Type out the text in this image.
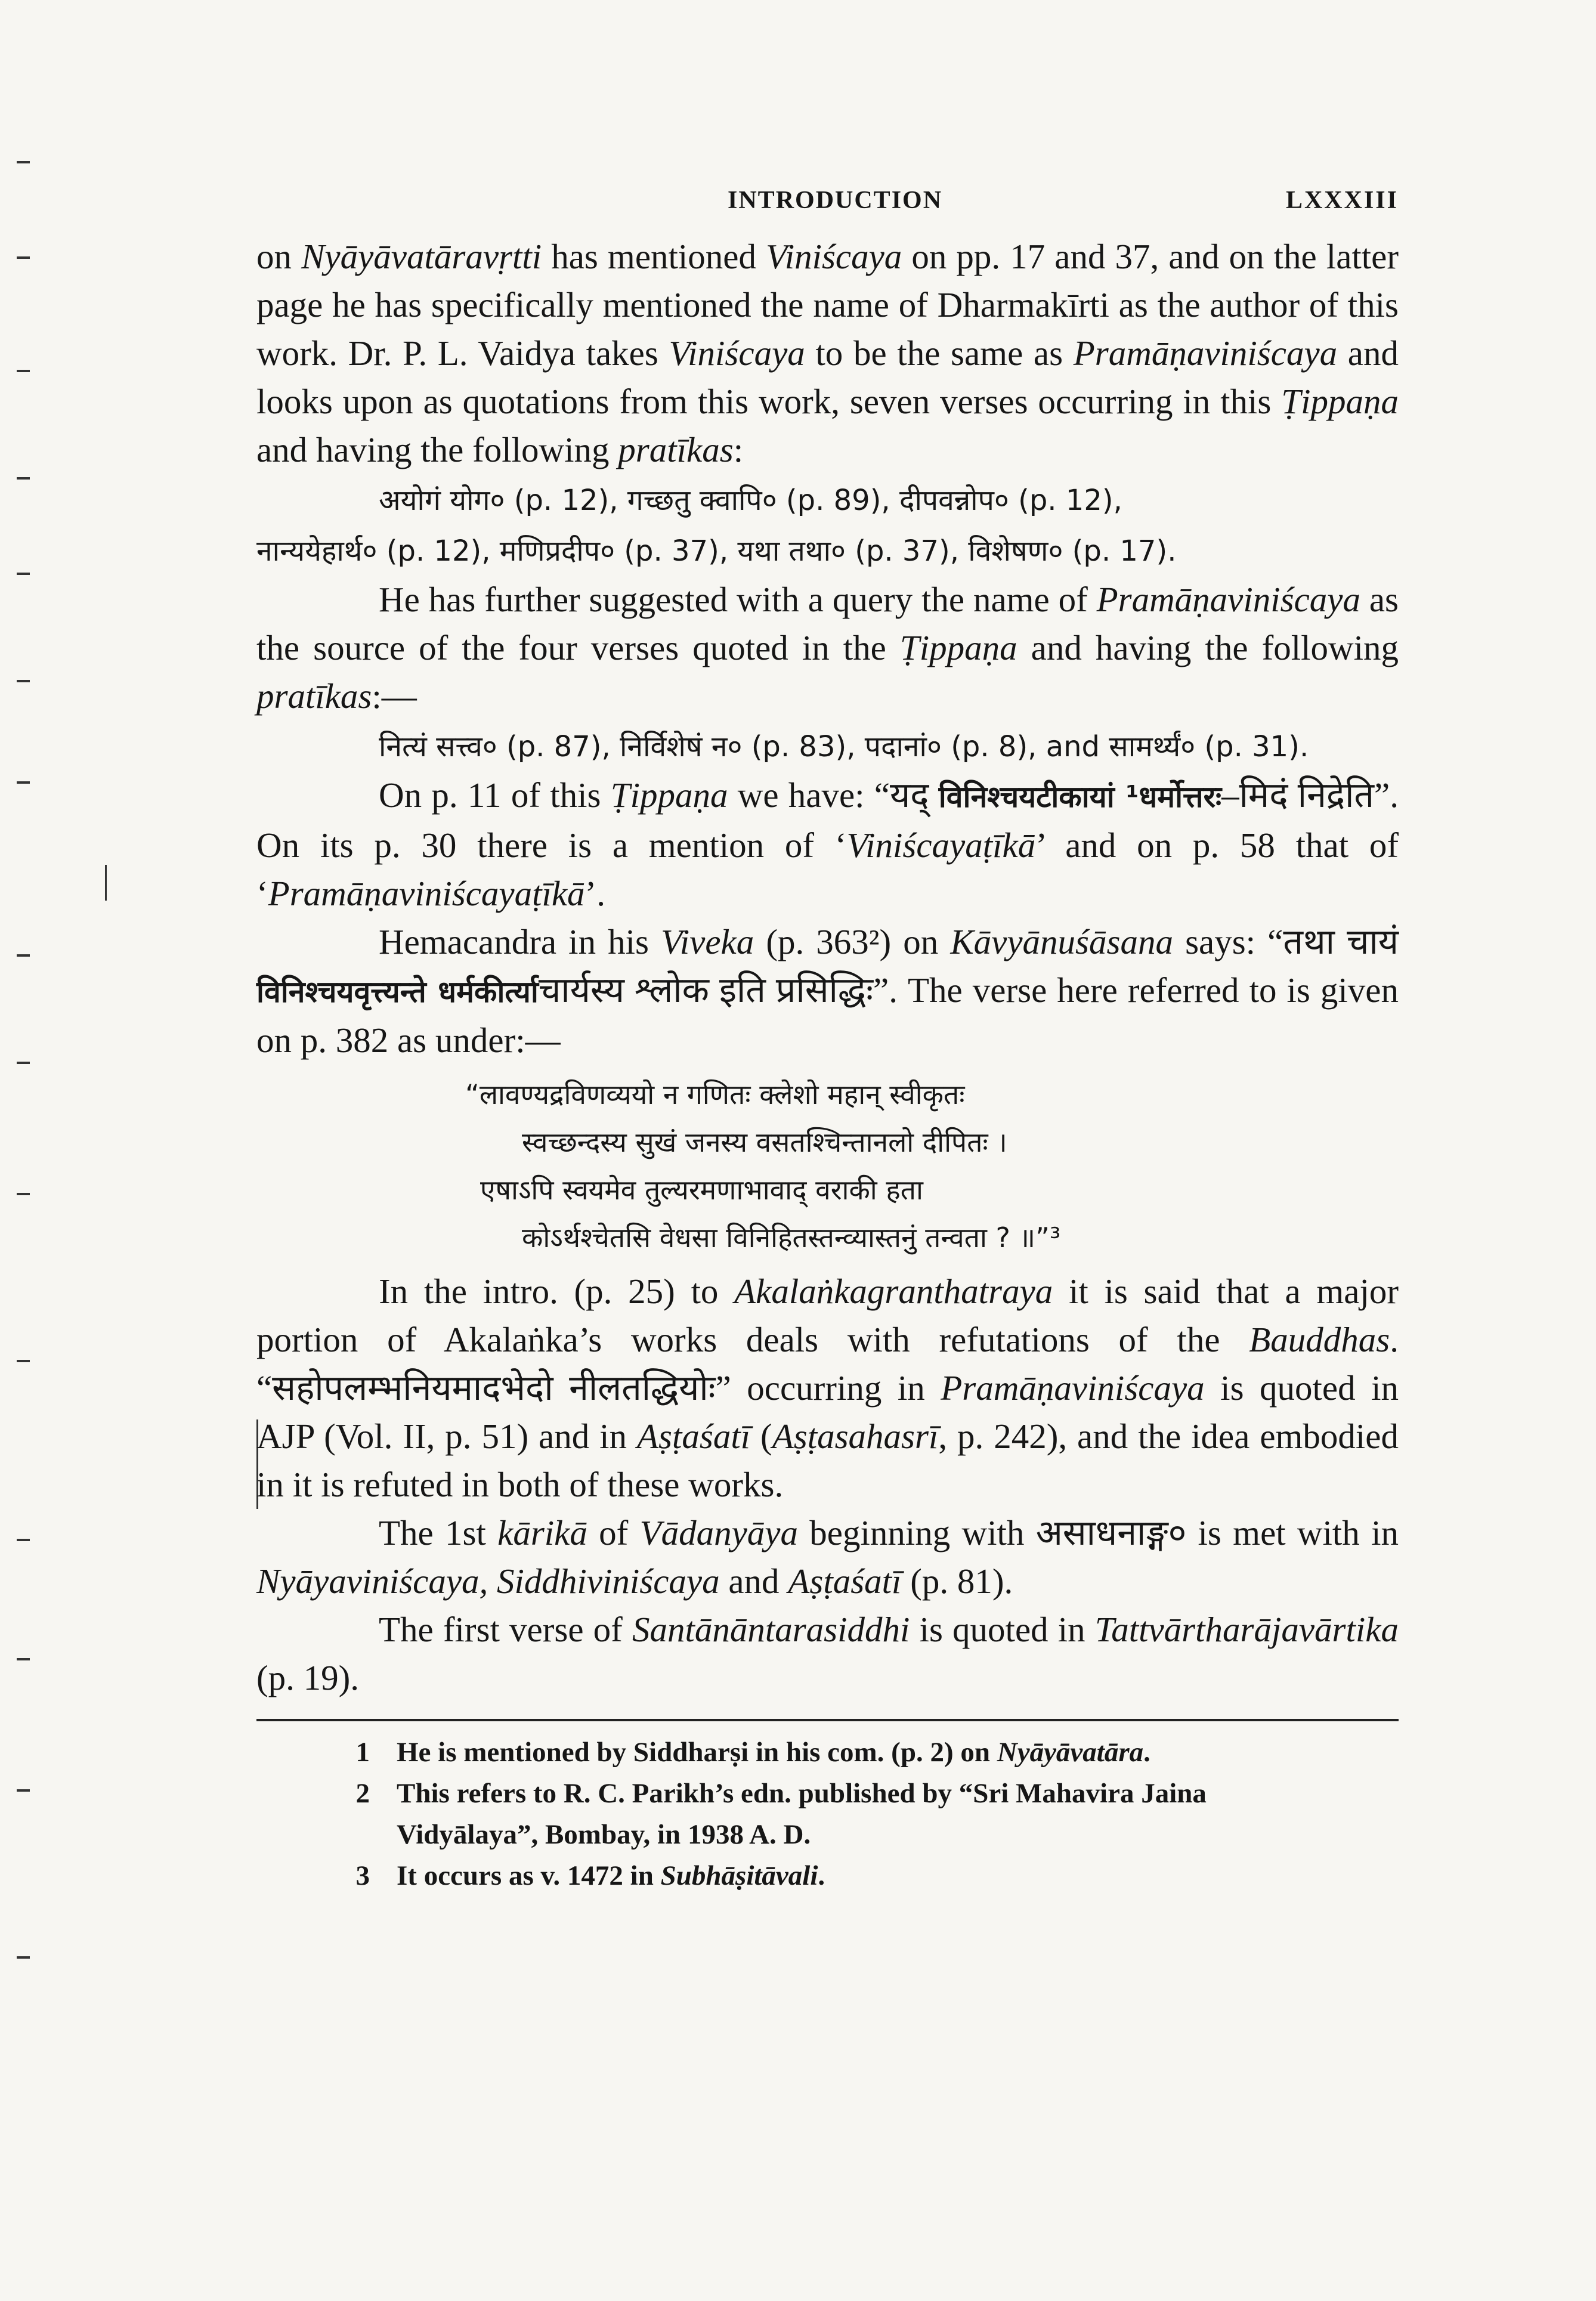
INTRODUCTION	LXXXIII

on Nyāyāvatāravṛtti has mentioned Viniścaya on pp. 17 and 37, and on the latter page he has specifically mentioned the name of Dharmakīrti as the author of this work. Dr. P. L. Vaidya takes Viniścaya to be the same as Pramāṇaviniścaya and looks upon as quotations from this work, seven verses occurring in this Ṭippaṇa and having the following pratīkas:

अयोगं योग० (p. 12), गच्छतु क्वापि० (p. 89), दीपवन्नोप० (p. 12),

नान्ययेहार्थ० (p. 12), मणिप्रदीप० (p. 37), यथा तथा० (p. 37), विशेषण० (p. 17).

He has further suggested with a query the name of Pramāṇaviniścaya as the source of the four verses quoted in the Ṭippaṇa and having the following pratīkas:—

नित्यं सत्त्व० (p. 87), निर्विशेषं न० (p. 83), पदानां० (p. 8), and सामर्थ्यं० (p. 31).

On p. 11 of this Ṭippaṇa we have: “यद् विनिश्चयटीकायां ¹धर्मोत्तरः–मिदं निद्रेति”. On its p. 30 there is a mention of ‘Viniścayaṭīkā’ and on p. 58 that of ‘Pramāṇaviniścayaṭīkā’.

Hemacandra in his Viveka (p. 363²) on Kāvyānuśāsana says: “तथा चायं विनिश्चयवृत्त्यन्ते धर्मकीर्त्याचार्यस्य श्लोक इति प्रसिद्धिः”. The verse here referred to is given on p. 382 as under:—

“लावण्यद्रविणव्ययो न गणितः क्लेशो महान् स्वीकृतः
स्वच्छन्दस्य सुखं जनस्य वसतश्चिन्तानलो दीपितः ।
एषाऽपि स्वयमेव तुल्यरमणाभावाद् वराकी हता
कोऽर्थश्चेतसि वेधसा विनिहितस्तन्व्यास्तनुं तन्वता ? ॥”³

In the intro. (p. 25) to Akalaṅkagranthatraya it is said that a major portion of Akalaṅka’s works deals with refutations of the Bauddhas. “सहोपलम्भनियमादभेदो नीलतद्धियोः” occurring in Pramāṇaviniścaya is quoted in AJP (Vol. II, p. 51) and in Aṣṭaśatī (Aṣṭasahasrī, p. 242), and the idea embodied in it is refuted in both of these works.

The 1st kārikā of Vādanyāya beginning with असाधनाङ्ग० is met with in Nyāyaviniścaya, Siddhiviniścaya and Aṣṭaśatī (p. 81).

The first verse of Santānāntarasiddhi is quoted in Tattvārtharājavārtika (p. 19).

1 He is mentioned by Siddharṣi in his com. (p. 2) on Nyāyāvatāra.
2 This refers to R. C. Parikh’s edn. published by “Sri Mahavira Jaina
Vidyālaya”, Bombay, in 1938 A. D.
3 It occurs as v. 1472 in Subhāṣitāvali.
